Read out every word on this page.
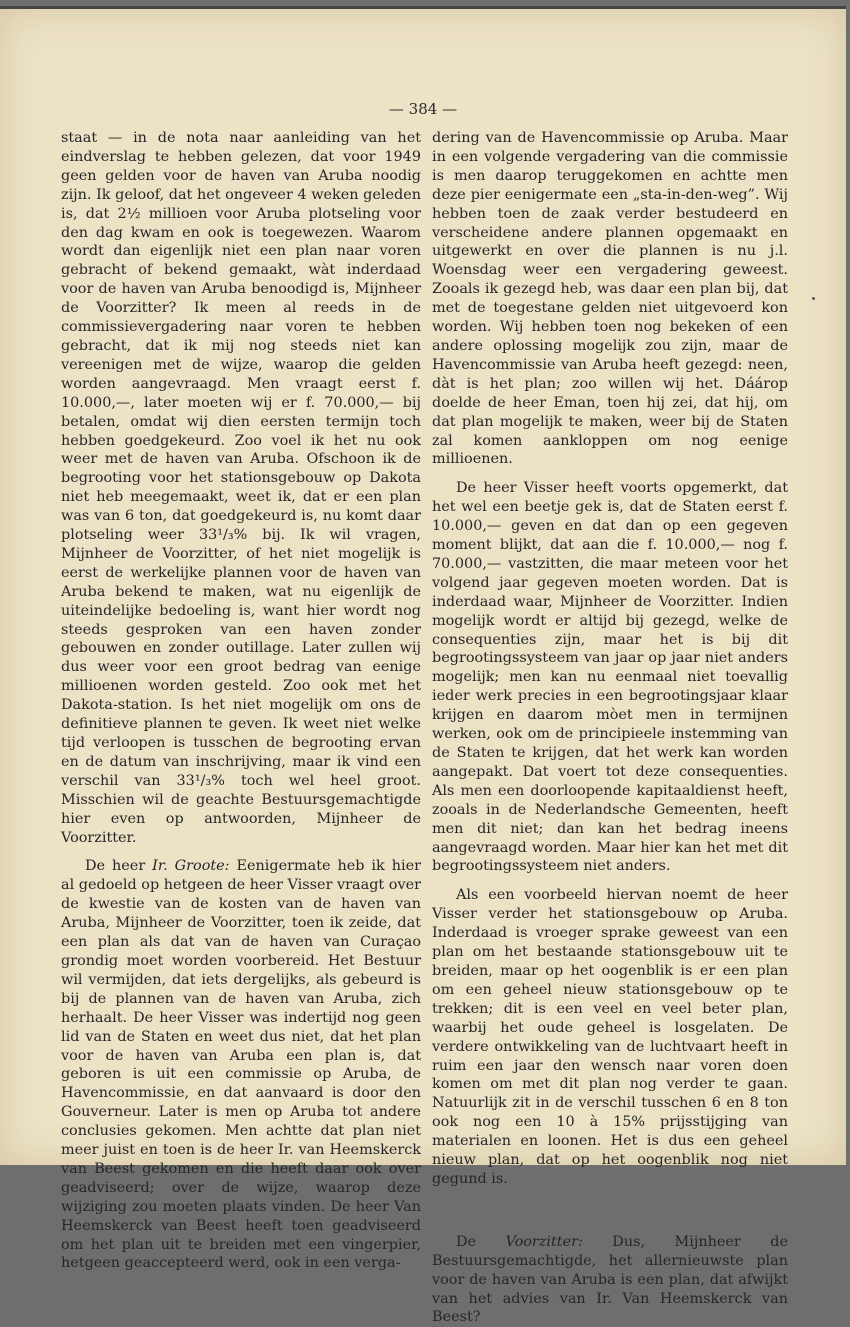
— 384 —

staat — in de nota naar aanleiding van het eindverslag te hebben gelezen, dat voor 1949 geen gelden voor de haven van Aruba noodig zijn. Ik geloof, dat het ongeveer 4 weken geleden is, dat 2½ millioen voor Aruba plotseling voor den dag kwam en ook is toegewezen. Waarom wordt dan eigenlijk niet een plan naar voren gebracht of bekend gemaakt, wàt inderdaad voor de haven van Aruba benoodigd is, Mijnheer de Voorzitter? Ik meen al reeds in de commissievergadering naar voren te hebben gebracht, dat ik mij nog steeds niet kan vereenigen met de wijze, waarop die gelden worden aangevraagd. Men vraagt eerst f. 10.000,—, later moeten wij er f. 70.000,— bij betalen, omdat wij dien eersten termijn toch hebben goedgekeurd. Zoo voel ik het nu ook weer met de haven van Aruba. Ofschoon ik de begrooting voor het stationsgebouw op Dakota niet heb meegemaakt, weet ik, dat er een plan was van 6 ton, dat goedgekeurd is, nu komt daar plotseling weer 33¹/₃% bij. Ik wil vragen, Mijnheer de Voorzitter, of het niet mogelijk is eerst de werkelijke plannen voor de haven van Aruba bekend te maken, wat nu eigenlijk de uiteindelijke bedoeling is, want hier wordt nog steeds gesproken van een haven zonder gebouwen en zonder outillage. Later zullen wij dus weer voor een groot bedrag van eenige millioenen worden gesteld. Zoo ook met het Dakota-station. Is het niet mogelijk om ons de definitieve plannen te geven. Ik weet niet welke tijd verloopen is tusschen de begrooting ervan en de datum van inschrijving, maar ik vind een verschil van 33¹/₃% toch wel heel groot. Misschien wil de geachte Bestuursgemachtigde hier even op antwoorden, Mijnheer de Voorzitter.

De heer Ir. Groote: Eenigermate heb ik hier al gedoeld op hetgeen de heer Visser vraagt over de kwestie van de kosten van de haven van Aruba, Mijnheer de Voorzitter, toen ik zeide, dat een plan als dat van de haven van Curaçao grondig moet worden voorbereid. Het Bestuur wil vermijden, dat iets dergelijks, als gebeurd is bij de plannen van de haven van Aruba, zich herhaalt. De heer Visser was indertijd nog geen lid van de Staten en weet dus niet, dat het plan voor de haven van Aruba een plan is, dat geboren is uit een commissie op Aruba, de Havencommissie, en dat aanvaard is door den Gouverneur. Later is men op Aruba tot andere conclusies gekomen. Men achtte dat plan niet meer juist en toen is de heer Ir. van Heemskerck van Beest gekomen en die heeft daar ook over geadviseerd; over de wijze, waarop deze wijziging zou moeten plaats vinden. De heer Van Heemskerck van Beest heeft toen geadviseerd om het plan uit te breiden met een vingerpier, hetgeen geaccepteerd werd, ook in een verga-

dering van de Havencommissie op Aruba. Maar in een volgende vergadering van die commissie is men daarop teruggekomen en achtte men deze pier eenigermate een „sta-in-den-weg”. Wij hebben toen de zaak verder bestudeerd en verscheidene andere plannen opgemaakt en uitgewerkt en over die plannen is nu j.l. Woensdag weer een vergadering geweest. Zooals ik gezegd heb, was daar een plan bij, dat met de toegestane gelden niet uitgevoerd kon worden. Wij hebben toen nog bekeken of een andere oplossing mogelijk zou zijn, maar de Havencommissie van Aruba heeft gezegd: neen, dàt is het plan; zoo willen wij het. Dáárop doelde de heer Eman, toen hij zei, dat hij, om dat plan mogelijk te maken, weer bij de Staten zal komen aankloppen om nog eenige millioenen.

De heer Visser heeft voorts opgemerkt, dat het wel een beetje gek is, dat de Staten eerst f. 10.000,— geven en dat dan op een gegeven moment blijkt, dat aan die f. 10.000,— nog f. 70.000,— vastzitten, die maar meteen voor het volgend jaar gegeven moeten worden. Dat is inderdaad waar, Mijnheer de Voorzitter. Indien mogelijk wordt er altijd bij gezegd, welke de consequenties zijn, maar het is bij dit begrootingssysteem van jaar op jaar niet anders mogelijk; men kan nu eenmaal niet toevallig ieder werk precies in een begrootingsjaar klaar krijgen en daarom mòet men in termijnen werken, ook om de principieele instemming van de Staten te krijgen, dat het werk kan worden aangepakt. Dat voert tot deze consequenties. Als men een doorloopende kapitaaldienst heeft, zooals in de Nederlandsche Gemeenten, heeft men dit niet; dan kan het bedrag ineens aangevraagd worden. Maar hier kan het met dit begrootingssysteem niet anders.

Als een voorbeeld hiervan noemt de heer Visser verder het stationsgebouw op Aruba. Inderdaad is vroeger sprake geweest van een plan om het bestaande stationsgebouw uit te breiden, maar op het oogenblik is er een plan om een geheel nieuw stationsgebouw op te trekken; dit is een veel en veel beter plan, waarbij het oude geheel is losgelaten. De verdere ontwikkeling van de luchtvaart heeft in ruim een jaar den wensch naar voren doen komen om met dit plan nog verder te gaan. Natuurlijk zit in de verschil tusschen 6 en 8 ton ook nog een 10 à 15% prijsstijging van materialen en loonen. Het is dus een geheel nieuw plan, dat op het oogenblik nog niet gegund is.

De Voorzitter: Dus, Mijnheer de Bestuursgemachtigde, het allernieuwste plan voor de haven van Aruba is een plan, dat afwijkt van het advies van Ir. Van Heemskerck van Beest?
